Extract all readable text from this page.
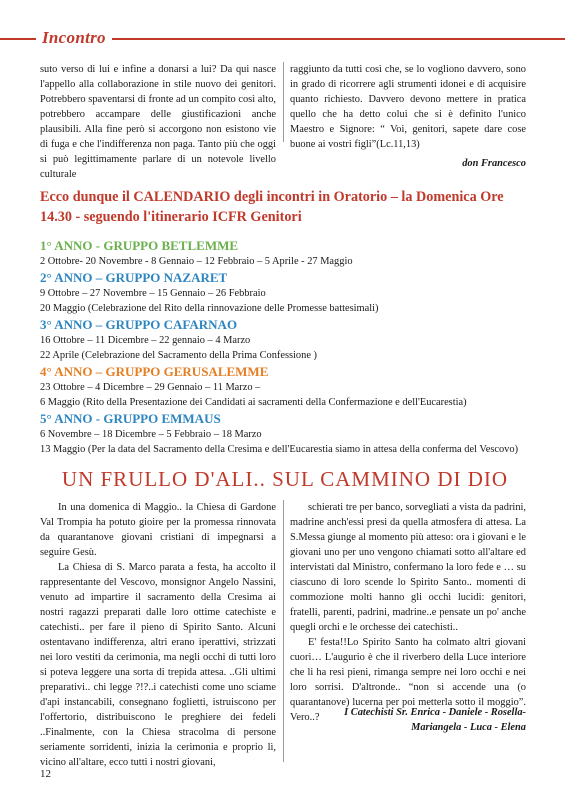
Incontro

suto verso di lui e infine a donarsi a lui? Da qui nasce l'appello alla collaborazione in stile nuovo dei genitori. Potrebbero spaventarsi di fronte ad un compito così alto, potrebbero accampare delle giustificazioni anche plausibili. Alla fine però si accorgono non esistono vie di fuga e che l'indifferenza non paga. Tanto più che oggi si può legittimamente parlare di un notevole livello culturale

raggiunto da tutti così che, se lo vogliono davvero, sono in grado di ricorrere agli strumenti idonei e di acquisire quanto richiesto. Davvero devono mettere in pratica quello che ha detto colui che si è definito l'unico Maestro e Signore: “ Voi, genitori, sapete dare cose buone ai vostri figli”(Lc.11,13)

don Francesco
Ecco dunque il CALENDARIO degli incontri in Oratorio – la Domenica Ore 14.30 - seguendo l'itinerario ICFR Genitori

1° ANNO - GRUPPO BETLEMME

2 Ottobre- 20 Novembre - 8 Gennaio – 12 Febbraio – 5 Aprile - 27 Maggio

2° ANNO – GRUPPO NAZARET

9 Ottobre – 27 Novembre – 15 Gennaio – 26 Febbraio

20 Maggio (Celebrazione del Rito della rinnovazione delle Promesse battesimali)

3° ANNO – GRUPPO CAFARNAO

16 Ottobre – 11 Dicembre – 22 gennaio – 4 Marzo

22 Aprile (Celebrazione del Sacramento della Prima Confessione )

4° ANNO – GRUPPO GERUSALEMME

23 Ottobre – 4 Dicembre – 29 Gennaio – 11 Marzo –

6 Maggio (Rito della Presentazione dei Candidati ai sacramenti della Confermazione e dell'Eucarestia)

5° ANNO - GRUPPO EMMAUS

6 Novembre – 18 Dicembre – 5 Febbraio – 18 Marzo

13 Maggio (Per la data del Sacramento della Cresima e dell'Eucarestia siamo in attesa della conferma del Vescovo)

UN FRULLO D'ALI.. SUL CAMMINO DI DIO

In una domenica di Maggio.. la Chiesa di Gardone Val Trompia ha potuto gioire per la promessa rinnovata da quarantanove giovani cristiani di impegnarsi a seguire Gesù.

La Chiesa di S. Marco parata a festa, ha accolto il rappresentante del Vescovo, monsignor Angelo Nassini, venuto ad impartire il sacramento della Cresima ai nostri ragazzi preparati dalle loro ottime catechiste e catechisti.. per fare il pieno di Spirito Santo. Alcuni ostentavano indifferenza, altri erano iperattivi, strizzati nei loro vestiti da cerimonia, ma negli occhi di tutti loro si poteva leggere una sorta di trepida attesa. ..Gli ultimi preparativi.. chi legge ?!?..i catechisti come uno sciame d'api instancabili, consegnano foglietti, istruiscono per l'offertorio, distribuiscono le preghiere dei fedeli ..Finalmente, con la Chiesa stracolma di persone seriamente sorridenti, inizia la cerimonia e proprio lì, vicino all'altare, ecco tutti i nostri giovani,

schierati tre per banco, sorvegliati a vista da padrini, madrine anch'essi presi da quella atmosfera di attesa. La S.Messa giunge al momento più atteso: ora i giovani e le giovani uno per uno vengono chiamati sotto all'altare ed intervistati dal Ministro, confermano la loro fede e … su ciascuno di loro scende lo Spirito Santo.. momenti di commozione molti hanno gli occhi lucidi: genitori, fratelli, parenti, padrini, madrine..e pensate un po' anche quegli orchi e le orchesse dei catechisti..

E' festa!!Lo Spirito Santo ha colmato altri giovani cuori… L'augurio è che il riverbero della Luce interiore che li ha resi pieni, rimanga sempre nei loro occhi e nei loro sorrisi. D'altronde.. “non si accende una (o quarantanove) lucerna per poi metterla sotto il moggio”. Vero..?	I Catechisti Sr. Enrica - Daniele - Rosella- Mariangela - Luca - Elena
12
